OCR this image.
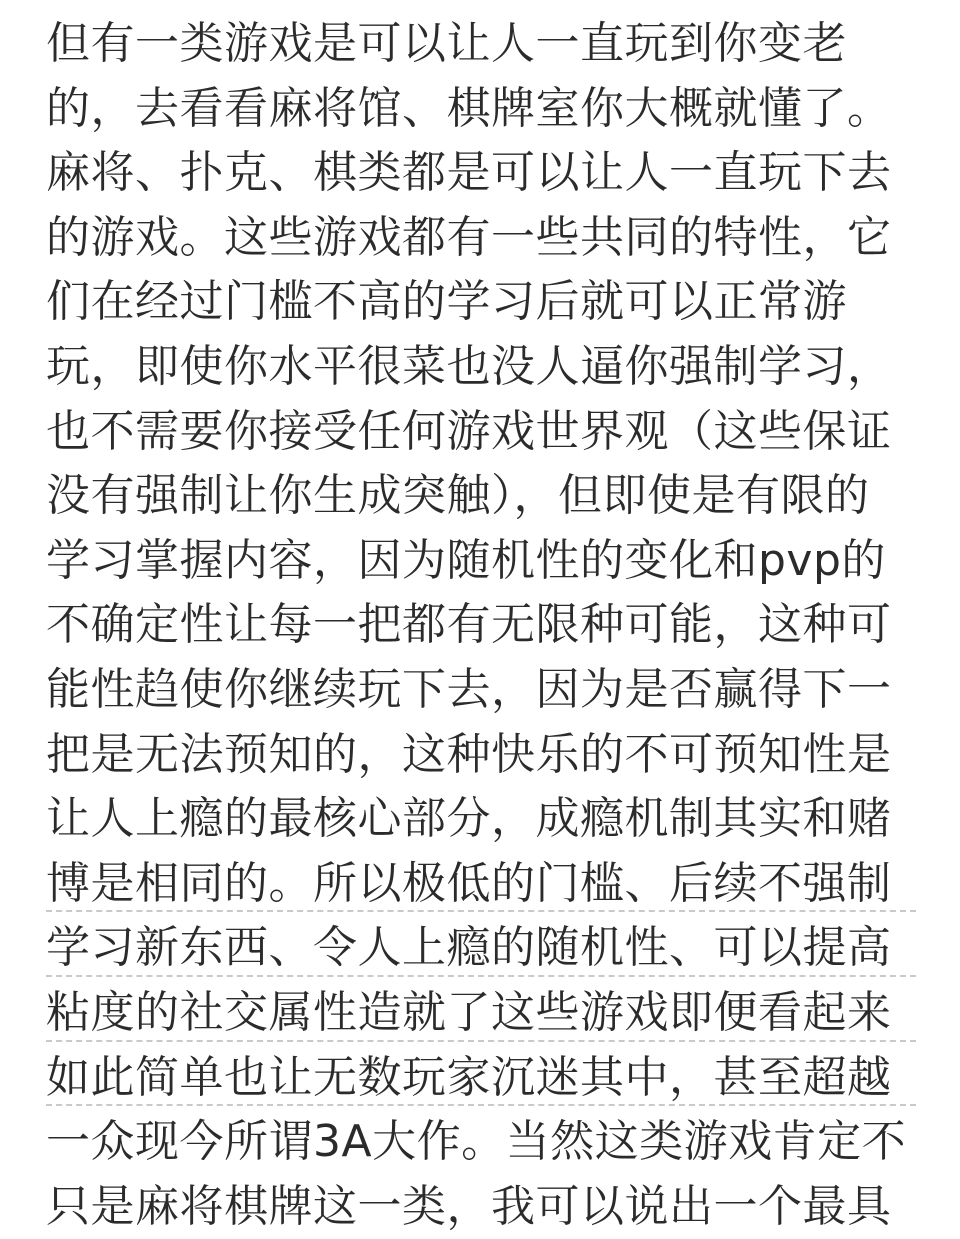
但有一类游戏是可以让人一直玩到你变老
的，去看看麻将馆、棋牌室你大概就懂了。
麻将、扑克、棋类都是可以让人一直玩下去
的游戏。这些游戏都有一些共同的特性，它
们在经过门槛不高的学习后就可以正常游
玩，即使你水平很菜也没人逼你强制学习，
也不需要你接受任何游戏世界观（这些保证
没有强制让你生成突触），但即使是有限的
学习掌握内容，因为随机性的变化和pvp的
不确定性让每一把都有无限种可能，这种可
能性趋使你继续玩下去，因为是否赢得下一
把是无法预知的，这种快乐的不可预知性是
让人上瘾的最核心部分，成瘾机制其实和赌
博是相同的。所以极低的门槛、后续不强制
学习新东西、令人上瘾的随机性、可以提高
粘度的社交属性造就了这些游戏即便看起来
如此简单也让无数玩家沉迷其中，甚至超越
一众现今所谓3A大作。当然这类游戏肯定不
只是麻将棋牌这一类，我可以说出一个最具
